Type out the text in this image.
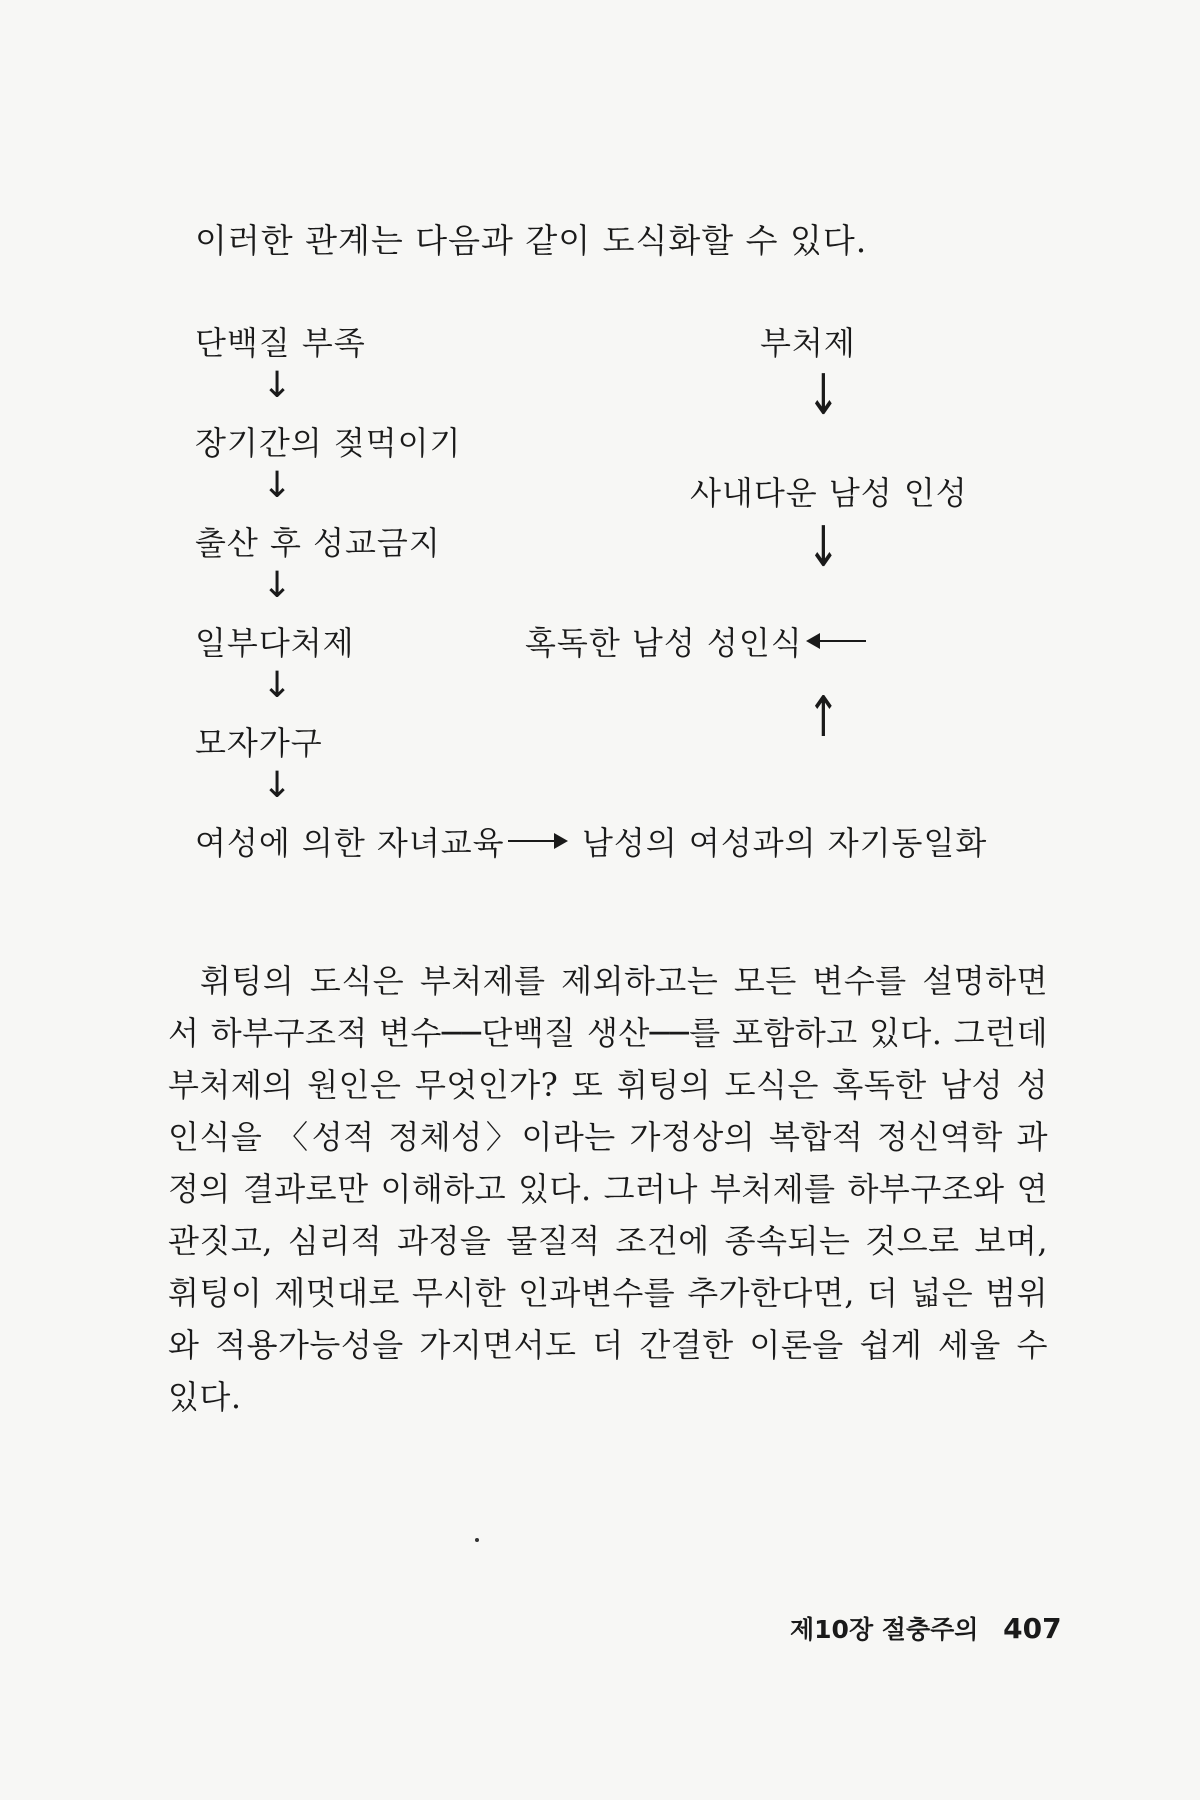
이러한 관계는 다음과 같이 도식화할 수 있다.
단백질 부족
↓
장기간의 젖먹이기
↓
출산 후 성교금지
↓
일부다처제
↓
모자가구
↓
여성에 의한 자녀교육
부처제
↓
사내다운 남성 인성
↓
혹독한 남성 성인식
↑
남성의 여성과의 자기동일화

휘팅의 도식은 부처제를 제외하고는 모든 변수를 설명하면서 하부구조적 변수──단백질 생산──를 포함하고 있다. 그런데 부처제의 원인은 무엇인가? 또 휘팅의 도식은 혹독한 남성 성인식을 〈성적 정체성〉이라는 가정상의 복합적 정신역학 과정의 결과로만 이해하고 있다. 그러나 부처제를 하부구조와 연관짓고, 심리적 과정을 물질적 조건에 종속되는 것으로 보며, 휘팅이 제멋대로 무시한 인과변수를 추가한다면, 더 넓은 범위와 적용가능성을 가지면서도 더 간결한 이론을 쉽게 세울 수 있다.

제10장 절충주의 407
